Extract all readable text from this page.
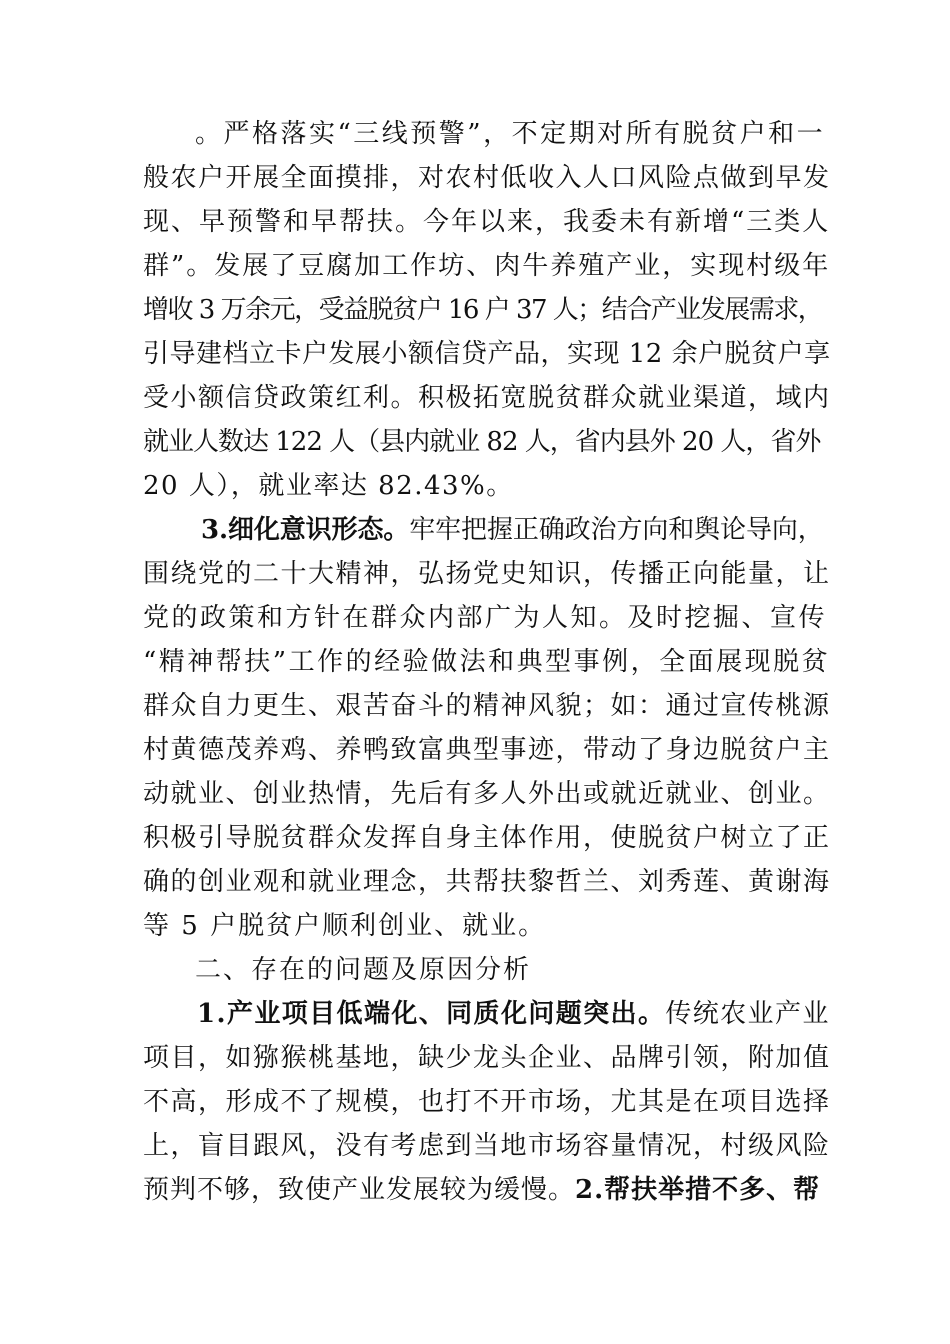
。严格落实“三线预警”，不定期对所有脱贫户和一
般农户开展全面摸排，对农村低收入人口风险点做到早发
现、早预警和早帮扶。今年以来，我委未有新增“三类人
群”。发展了豆腐加工作坊、肉牛养殖产业，实现村级年
增收 3 万余元，受益脱贫户 16 户 37 人；结合产业发展需求，
引导建档立卡户发展小额信贷产品，实现 12 余户脱贫户享
受小额信贷政策红利。积极拓宽脱贫群众就业渠道，域内
就业人数达 122 人（县内就业 82 人，省内县外 20 人，省外
20 人），就业率达 82.43%。
3.细化意识形态。牢牢把握正确政治方向和舆论导向，
围绕党的二十大精神，弘扬党史知识，传播正向能量，让
党的政策和方针在群众内部广为人知。及时挖掘、宣传
“精神帮扶”工作的经验做法和典型事例，全面展现脱贫
群众自力更生、艰苦奋斗的精神风貌；如：通过宣传桃源
村黄德茂养鸡、养鸭致富典型事迹，带动了身边脱贫户主
动就业、创业热情，先后有多人外出或就近就业、创业。
积极引导脱贫群众发挥自身主体作用，使脱贫户树立了正
确的创业观和就业理念，共帮扶黎哲兰、刘秀莲、黄谢海
等 5 户脱贫户顺利创业、就业。
二、存在的问题及原因分析
1.产业项目低端化、同质化问题突出。传统农业产业
项目，如猕猴桃基地，缺少龙头企业、品牌引领，附加值
不高，形成不了规模，也打不开市场，尤其是在项目选择
上，盲目跟风，没有考虑到当地市场容量情况，村级风险
预判不够，致使产业发展较为缓慢。2.帮扶举措不多、帮
